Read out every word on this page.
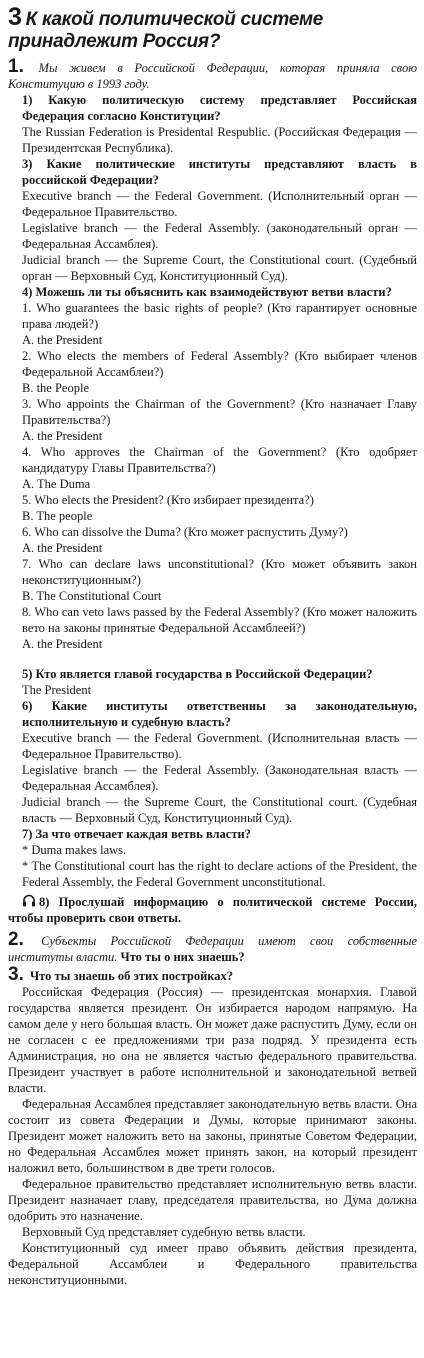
3 К какой политической системе принадлежит Россия?
1. Мы живем в Российской Федерации, которая приняла свою Конституцию в 1993 году.

1) Какую политическую систему представляет Российская Федерация согласно Конституции?

The Russian Federation is Presidental Respublic. (Российская Федерация — Президентская Республика).

3) Какие политические институты представляют власть в российской Федерации?

Executive branch — the Federal Government. (Исполнительный орган — Федеральное Правительство.

Legislative branch — the Federal Assembly. (законодательный орган — Федеральная Ассамблея).

Judicial branch — the Supreme Court, the Constitutional court. (Судебный орган — Верховный Суд, Конституционный Суд).

4) Можешь ли ты объяснить как взаимодействуют ветви власти?

1. Who guarantees the basic rights of people? (Кто гарантирует основные права людей?)

A. the President

2. Who elects the members of Federal Assembly? (Кто выбирает членов Федеральной Ассамблеи?)

B. the People

3. Who appoints the Chairman of the Government? (Кто назначает Главу Правительства?)

A. the President

4. Who approves the Chairman of the Government? (Кто одобряет кандидатуру Главы Правительства?)

A. The Duma

5. Who elects the President? (Кто избирает президента?)

B. The people

6. Who can dissolve the Duma? (Кто может распустить Думу?)

A. the President

7. Who can declare laws unconstitutional? (Кто может объявить закон неконституционным?)

B. The Constitutional Court

8. Who can veto laws passed by the Federal Assembly? (Кто может наложить вето на законы принятые Федеральной Ассамблеей?)

A. the President

5) Кто является главой государства в Российской Федерации?

The President

6) Какие институты ответственны за законодательную, исполнительную и судебную власть?

Executive branch — the Federal Government. (Исполнительная власть — Федеральное Правительство).

Legislative branch — the Federal Assembly. (Законодательная власть — Федеральная Ассамблея).

Judicial branch — the Supreme Court, the Constitutional court. (Судебная власть — Верховный Суд, Конституционный Суд).

7) За что отвечает каждая ветвь власти?

* Duma makes laws.

* The Constitutional court has the right to declare actions of the President, the Federal Assembly, the Federal Government unconstitutional.

8) Прослушай информацию о политической системе России, чтобы проверить свои ответы.

2. Субъекты Российской Федерации имеют свои собственные институты власти. Что ты о них знаешь?
3. Что ты знаешь об этих постройках?

Российская Федерация (Россия) — президентская монархия. Главой государства является президент. Он избирается народом напрямую. На самом деле у него большая власть. Он может даже распустить Думу, если он не согласен с ее предложениями три раза подряд. У президента есть Администрация, но она не является частью федерального правительства. Президент участвует в работе исполнительной и законодательной ветвей власти.

Федеральная Ассамблея представляет законодательную ветвь власти. Она состоит из совета Федерации и Думы, которые принимают законы. Президент может наложить вето на законы, принятые Советом Федерации, но Федеральная Ассамблея может принять закон, на который президент наложил вето, большинством в две трети голосов.

Федеральное правительство представляет исполнительную ветвь власти. Президент назначает главу, председателя правительства, но Дума должна одобрить это назначение.

Верховный Суд представляет судебную ветвь власти.

Конституционный суд имеет право объявить действия президента, Федеральной Ассамблеи и Федерального правительства неконституционными.
